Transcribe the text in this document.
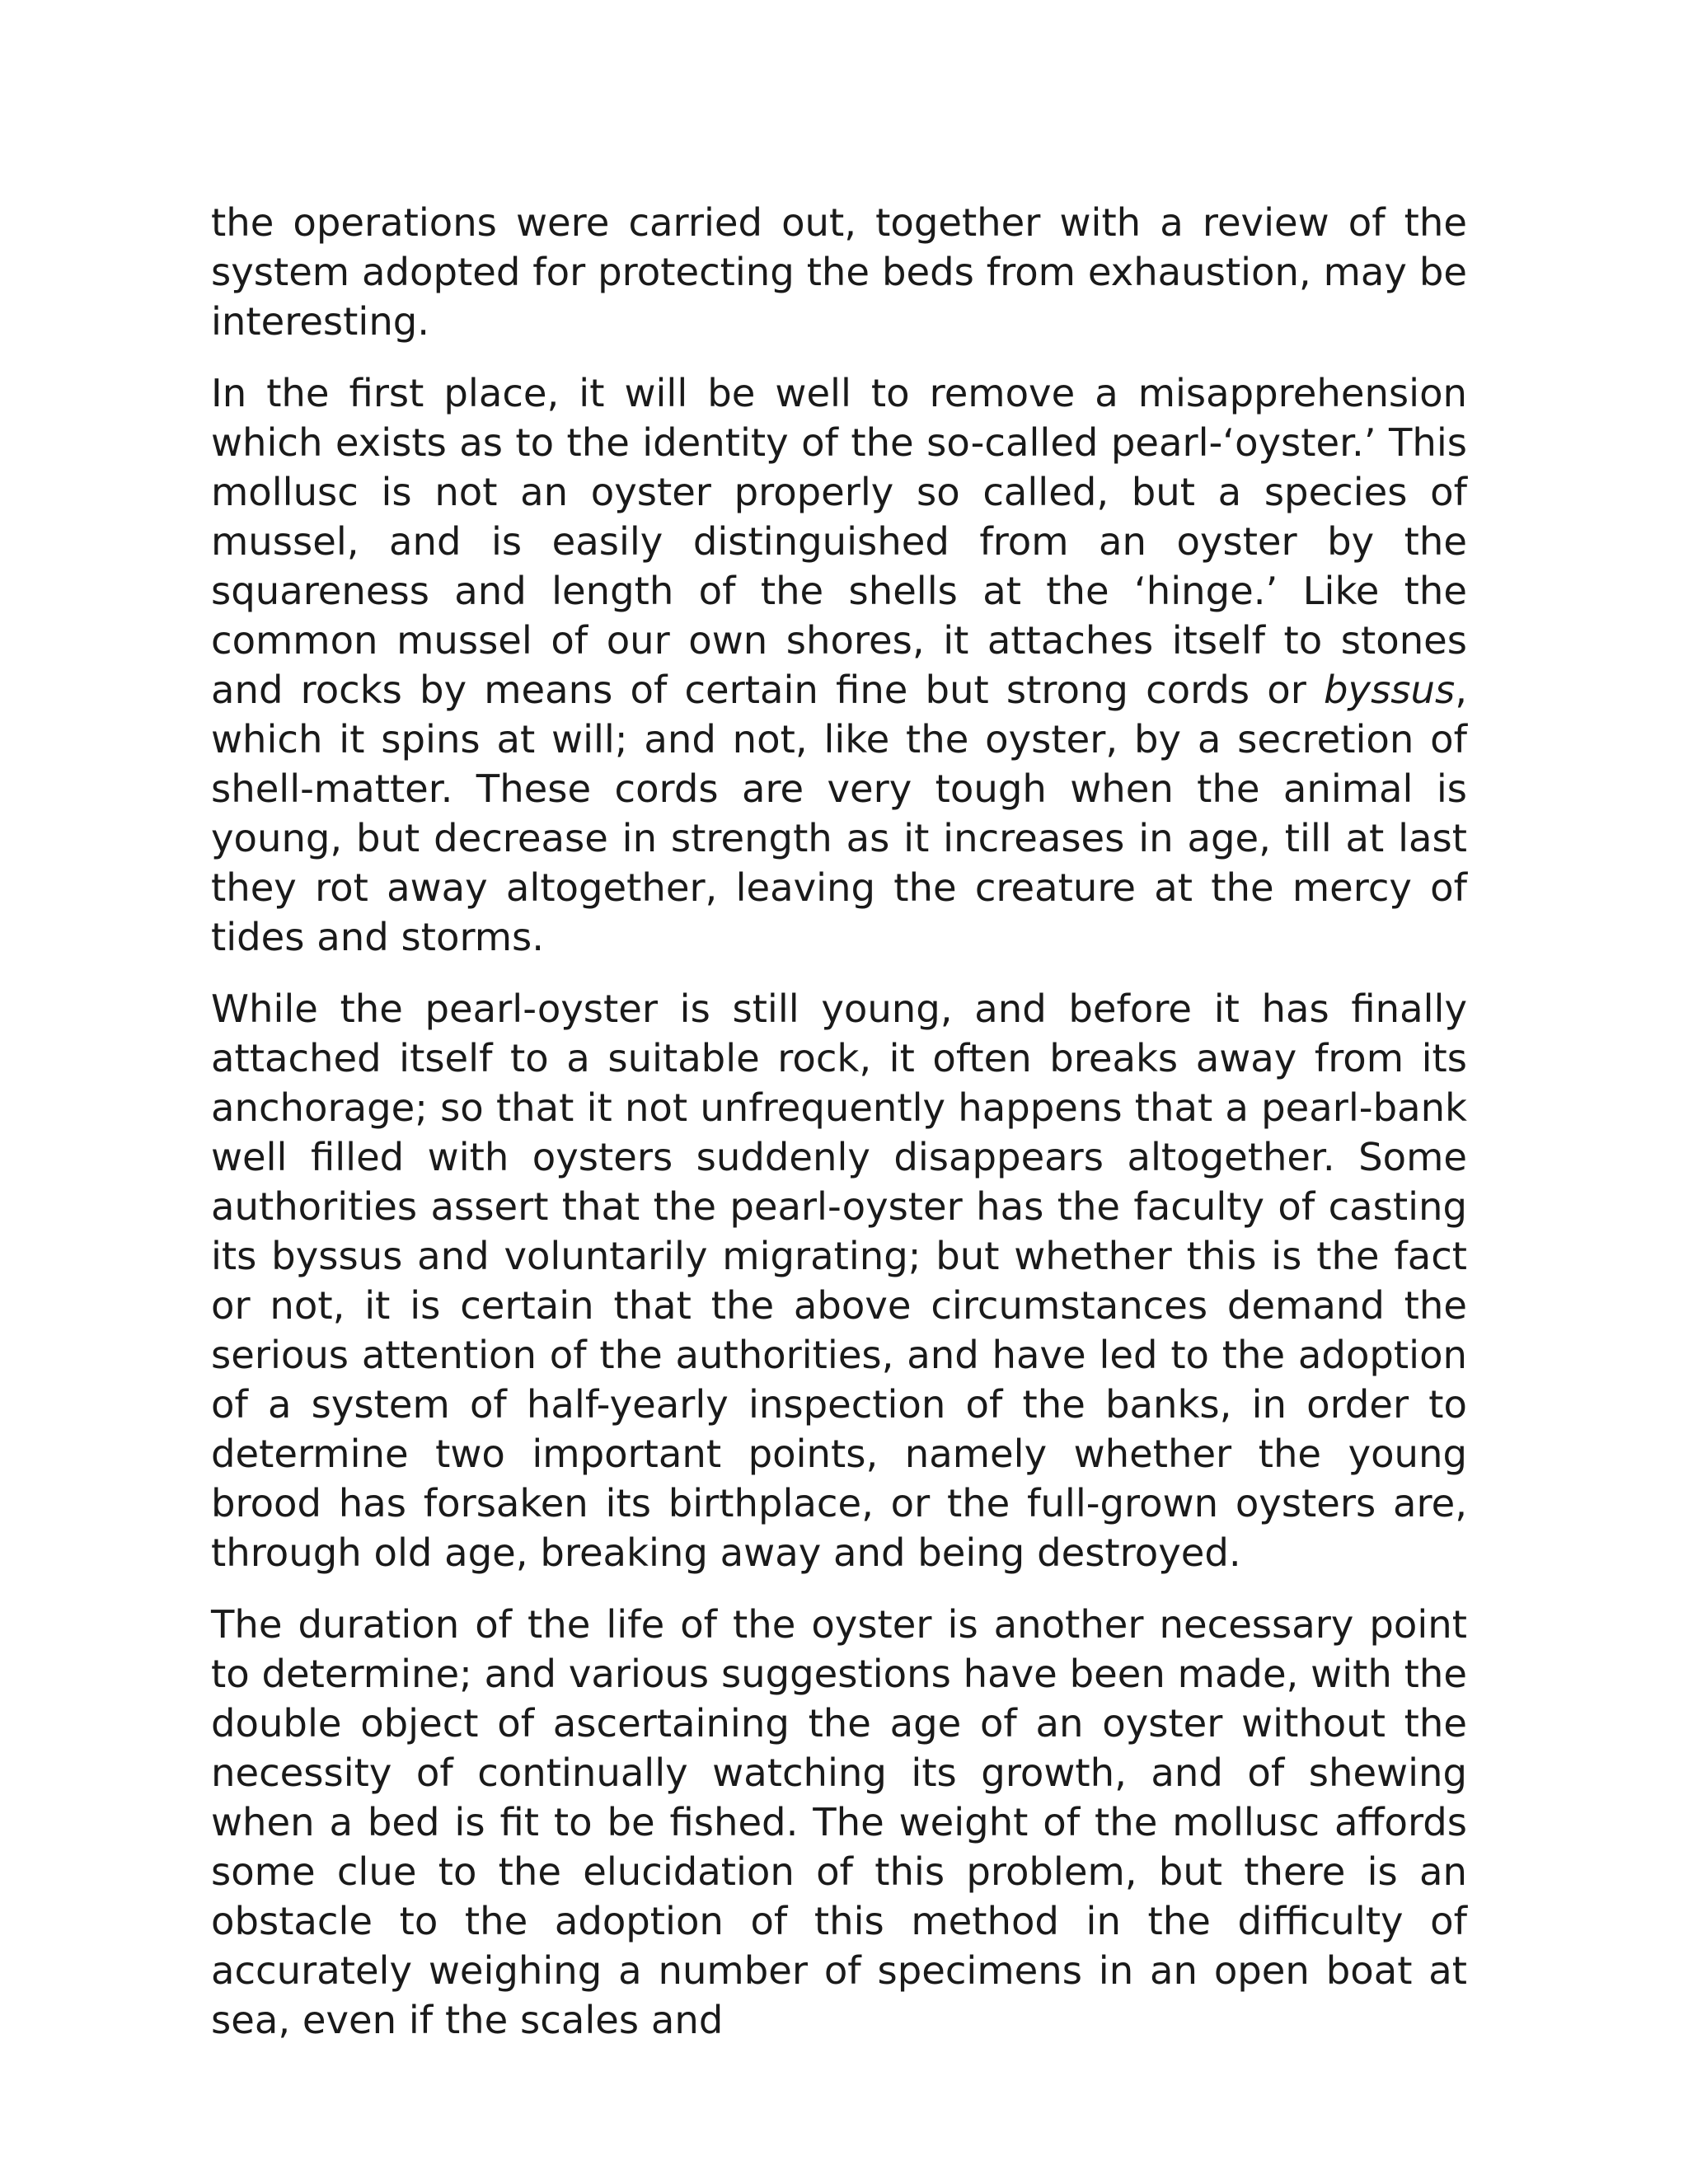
the operations were carried out, together with a review of the system adopted for protecting the beds from exhaustion, may be interesting.

In the first place, it will be well to remove a misapprehension which exists as to the identity of the so-called pearl-‘oyster.’ This mollusc is not an oyster properly so called, but a species of mussel, and is easily distinguished from an oyster by the squareness and length of the shells at the ‘hinge.’ Like the common mussel of our own shores, it attaches itself to stones and rocks by means of certain fine but strong cords or byssus, which it spins at will; and not, like the oyster, by a secretion of shell-matter. These cords are very tough when the animal is young, but decrease in strength as it increases in age, till at last they rot away altogether, leaving the creature at the mercy of tides and storms.

While the pearl-oyster is still young, and before it has finally attached itself to a suitable rock, it often breaks away from its anchorage; so that it not unfrequently happens that a pearl-bank well filled with oysters suddenly disappears altogether. Some authorities assert that the pearl-oyster has the faculty of casting its byssus and voluntarily migrating; but whether this is the fact or not, it is certain that the above circumstances demand the serious attention of the authorities, and have led to the adoption of a system of half-yearly inspection of the banks, in order to determine two important points, namely whether the young brood has forsaken its birthplace, or the full-grown oysters are, through old age, breaking away and being destroyed.

The duration of the life of the oyster is another necessary point to determine; and various suggestions have been made, with the double object of ascertaining the age of an oyster without the necessity of continually watching its growth, and of shewing when a bed is fit to be fished. The weight of the mollusc affords some clue to the elucidation of this problem, but there is an obstacle to the adoption of this method in the difficulty of accurately weighing a number of specimens in an open boat at sea, even if the scales and
